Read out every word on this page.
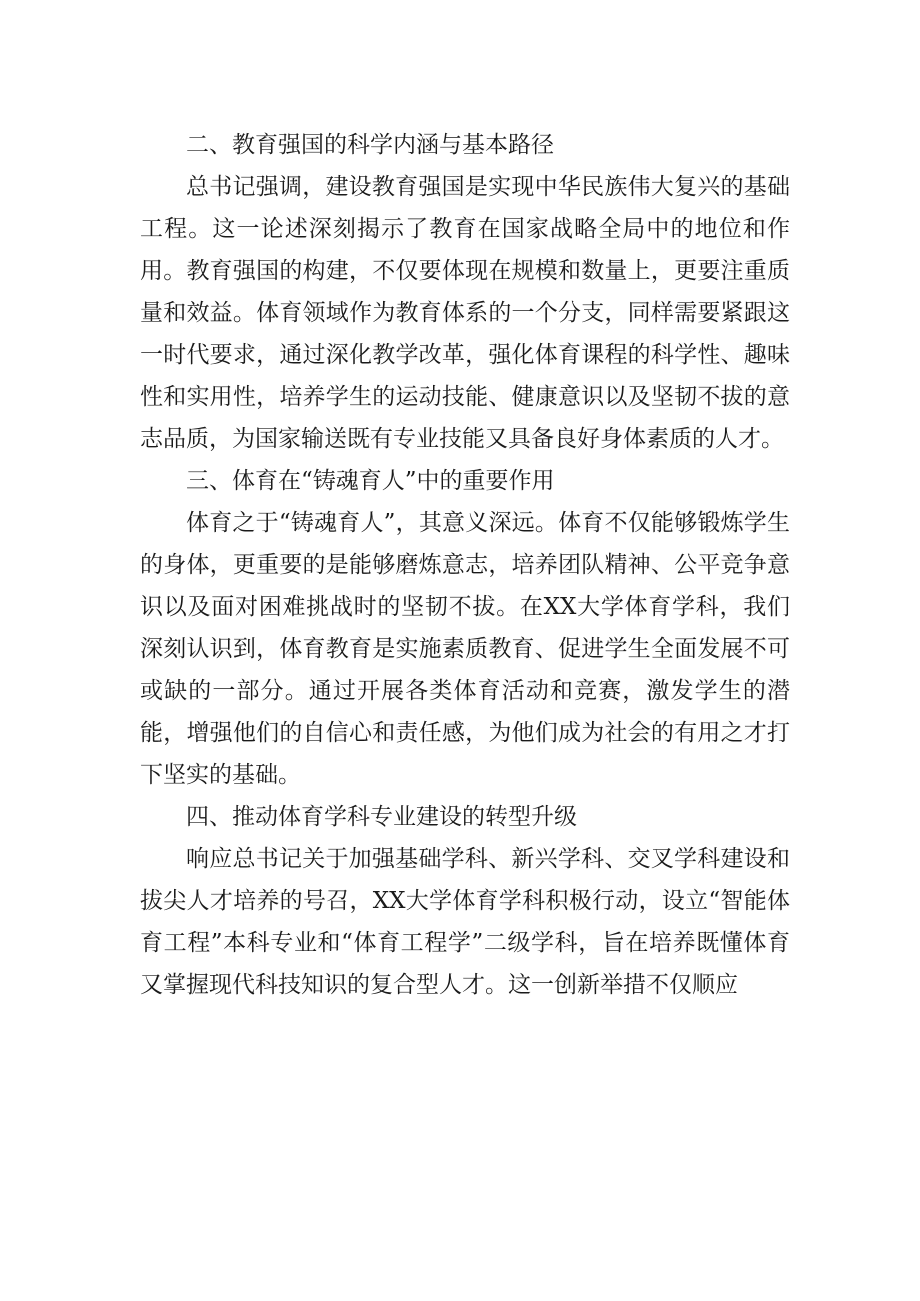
二、教育强国的科学内涵与基本路径

总书记强调，建设教育强国是实现中华民族伟大复兴的基础工程。这一论述深刻揭示了教育在国家战略全局中的地位和作用。教育强国的构建，不仅要体现在规模和数量上，更要注重质量和效益。体育领域作为教育体系的一个分支，同样需要紧跟这一时代要求，通过深化教学改革，强化体育课程的科学性、趣味性和实用性，培养学生的运动技能、健康意识以及坚韧不拔的意志品质，为国家输送既有专业技能又具备良好身体素质的人才。

三、体育在“铸魂育人”中的重要作用

体育之于“铸魂育人”，其意义深远。体育不仅能够锻炼学生的身体，更重要的是能够磨炼意志，培养团队精神、公平竞争意识以及面对困难挑战时的坚韧不拔。在XX大学体育学科，我们深刻认识到，体育教育是实施素质教育、促进学生全面发展不可或缺的一部分。通过开展各类体育活动和竞赛，激发学生的潜能，增强他们的自信心和责任感，为他们成为社会的有用之才打下坚实的基础。

四、推动体育学科专业建设的转型升级

响应总书记关于加强基础学科、新兴学科、交叉学科建设和拔尖人才培养的号召，XX大学体育学科积极行动，设立“智能体育工程”本科专业和“体育工程学”二级学科，旨在培养既懂体育又掌握现代科技知识的复合型人才。这一创新举措不仅顺应
